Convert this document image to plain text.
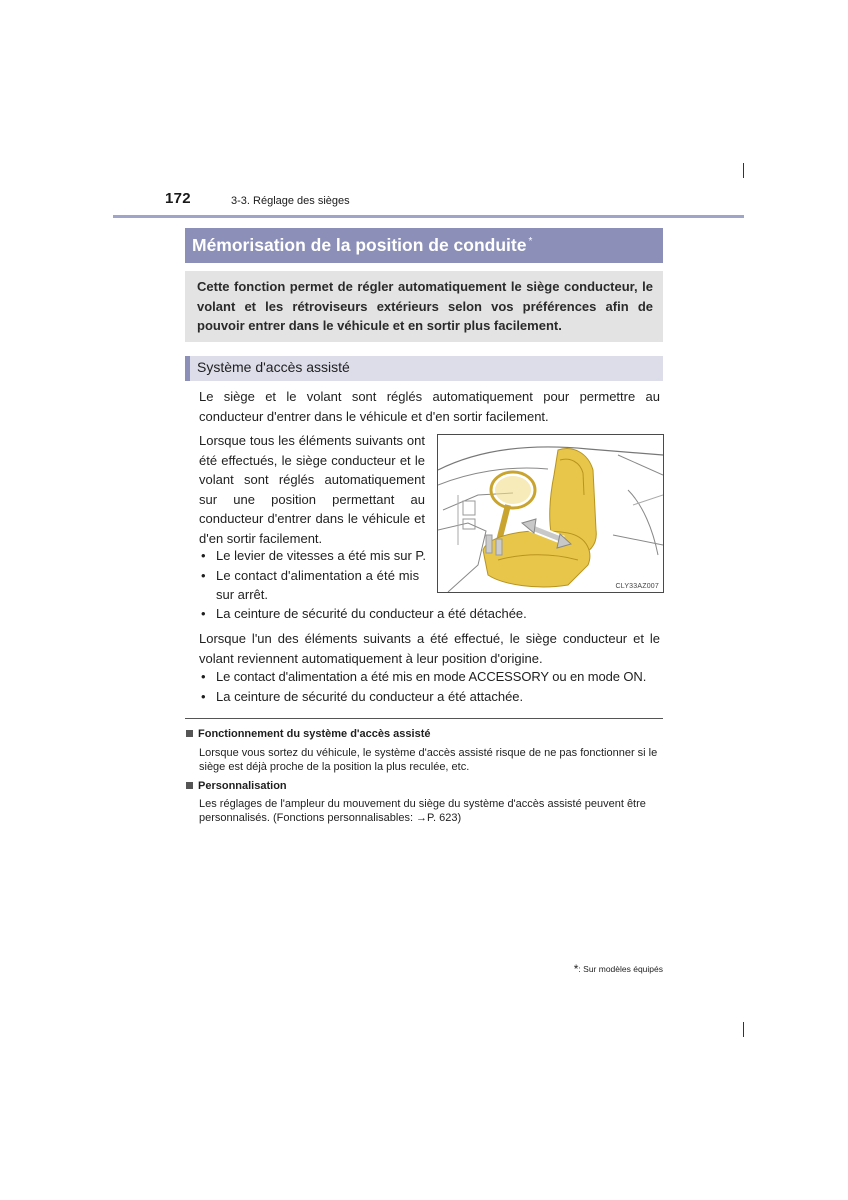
172	3-3. Réglage des sièges
Mémorisation de la position de conduite *
Cette fonction permet de régler automatiquement le siège conducteur, le volant et les rétroviseurs extérieurs selon vos préférences afin de pouvoir entrer dans le véhicule et en sortir plus facilement.
Système d'accès assisté
Le siège et le volant sont réglés automatiquement pour permettre au conducteur d'entrer dans le véhicule et d'en sortir facilement.
Lorsque tous les éléments suivants ont été effectués, le siège conducteur et le volant sont réglés automatiquement sur une position permettant au conducteur d'entrer dans le véhicule et d'en sortir facilement.
• Le levier de vitesses a été mis sur P.
• Le contact d'alimentation a été mis
sur arrêt.
• La ceinture de sécurité du conducteur a été détachée.
CLY33AZ007
Lorsque l'un des éléments suivants a été effectué, le siège conducteur et le volant reviennent automatiquement à leur position d'origine.
• Le contact d'alimentation a été mis en mode ACCESSORY ou en mode ON.
• La ceinture de sécurité du conducteur a été attachée.
Fonctionnement du système d'accès assisté
Lorsque vous sortez du véhicule, le système d'accès assisté risque de ne pas fonctionner si le
siège est déjà proche de la position la plus reculée, etc.
Personnalisation
Les réglages de l'ampleur du mouvement du siège du système d'accès assisté peuvent être
personnalisés. (Fonctions personnalisables: →P. 623)
*: Sur modèles équipés
